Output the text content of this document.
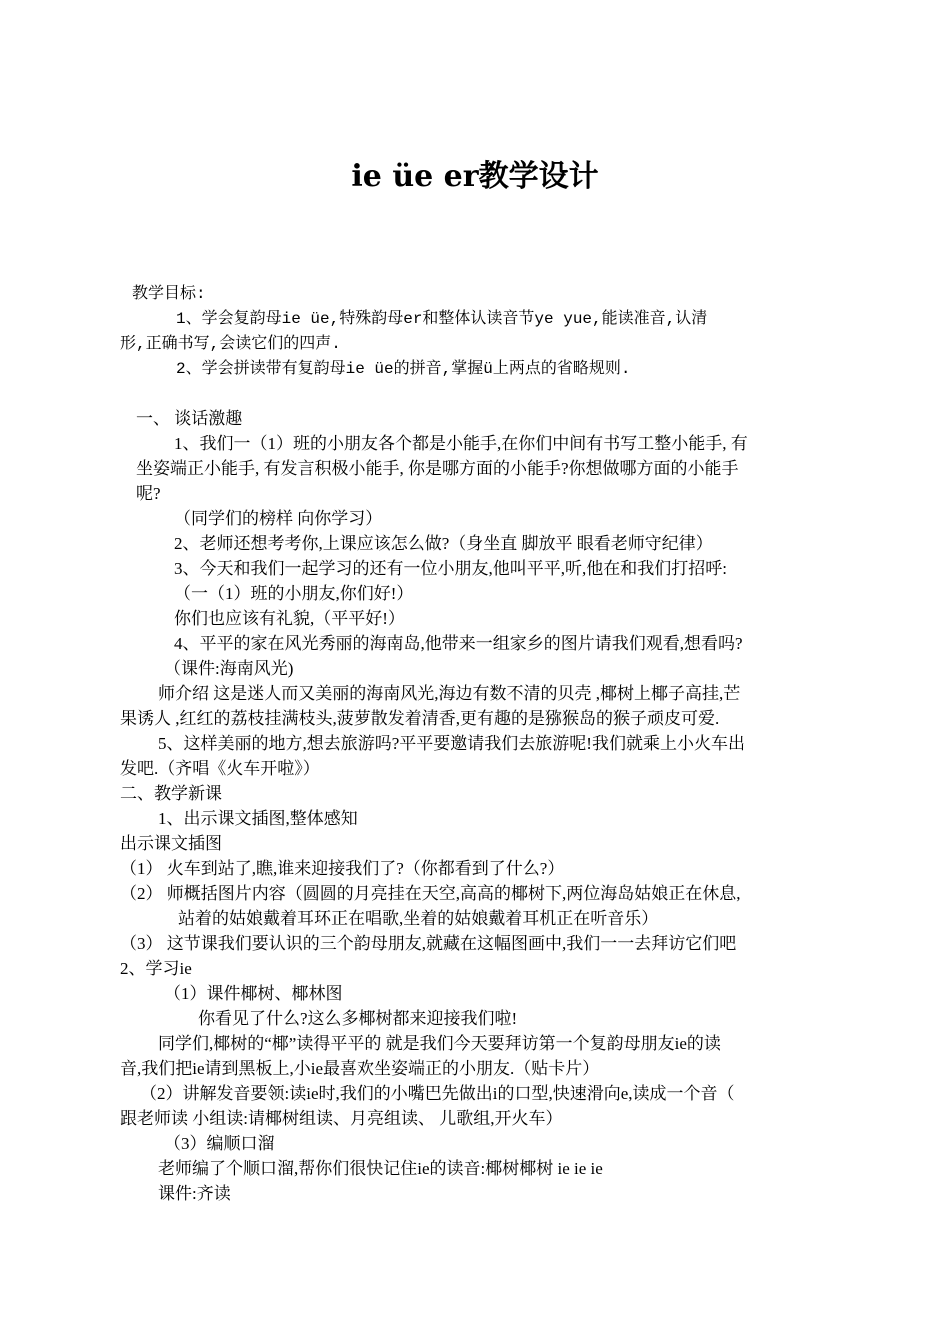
ie üe er教学设计
教学目标:
1、学会复韵母ie üe,特殊韵母er和整体认读音节ye yue,能读准音,认清
形,正确书写,会读它们的四声.
2、学会拼读带有复韵母ie üe的拼音,掌握ü上两点的省略规则.
一、 谈话激趣
1、我们一（1）班的小朋友各个都是小能手,在你们中间有书写工整小能手, 有
坐姿端正小能手, 有发言积极小能手, 你是哪方面的小能手?你想做哪方面的小能手
呢?
（同学们的榜样 向你学习）
2、老师还想考考你,上课应该怎么做?（身坐直 脚放平 眼看老师守纪律）
3、今天和我们一起学习的还有一位小朋友,他叫平平,听,他在和我们打招呼:
（一（1）班的小朋友,你们好!）
你们也应该有礼貌,（平平好!）
4、平平的家在风光秀丽的海南岛,他带来一组家乡的图片请我们观看,想看吗?
（课件:海南风光)
师介绍 这是迷人而又美丽的海南风光,海边有数不清的贝壳 ,椰树上椰子高挂,芒
果诱人 ,红红的荔枝挂满枝头,菠萝散发着清香,更有趣的是猕猴岛的猴子顽皮可爱.
5、这样美丽的地方,想去旅游吗?平平要邀请我们去旅游呢!我们就乘上小火车出
发吧.（齐唱《火车开啦》）
二、教学新课
1、出示课文插图,整体感知
出示课文插图
（1） 火车到站了,瞧,谁来迎接我们了?（你都看到了什么?）
（2） 师概括图片内容（圆圆的月亮挂在天空,高高的椰树下,两位海岛姑娘正在休息,
站着的姑娘戴着耳环正在唱歌,坐着的姑娘戴着耳机正在听音乐）
（3） 这节课我们要认识的三个韵母朋友,就藏在这幅图画中,我们一一去拜访它们吧
2、学习ie
（1）课件椰树、椰林图
你看见了什么?这么多椰树都来迎接我们啦!
同学们,椰树的“椰”读得平平的 就是我们今天要拜访第一个复韵母朋友ie的读
音,我们把ie请到黑板上,小ie最喜欢坐姿端正的小朋友.（贴卡片）
（2）讲解发音要领:读ie时,我们的小嘴巴先做出i的口型,快速滑向e,读成一个音（
跟老师读 小组读:请椰树组读、月亮组读、 儿歌组,开火车）
（3）编顺口溜
老师编了个顺口溜,帮你们很快记住ie的读音:椰树椰树 ie ie ie
课件:齐读
